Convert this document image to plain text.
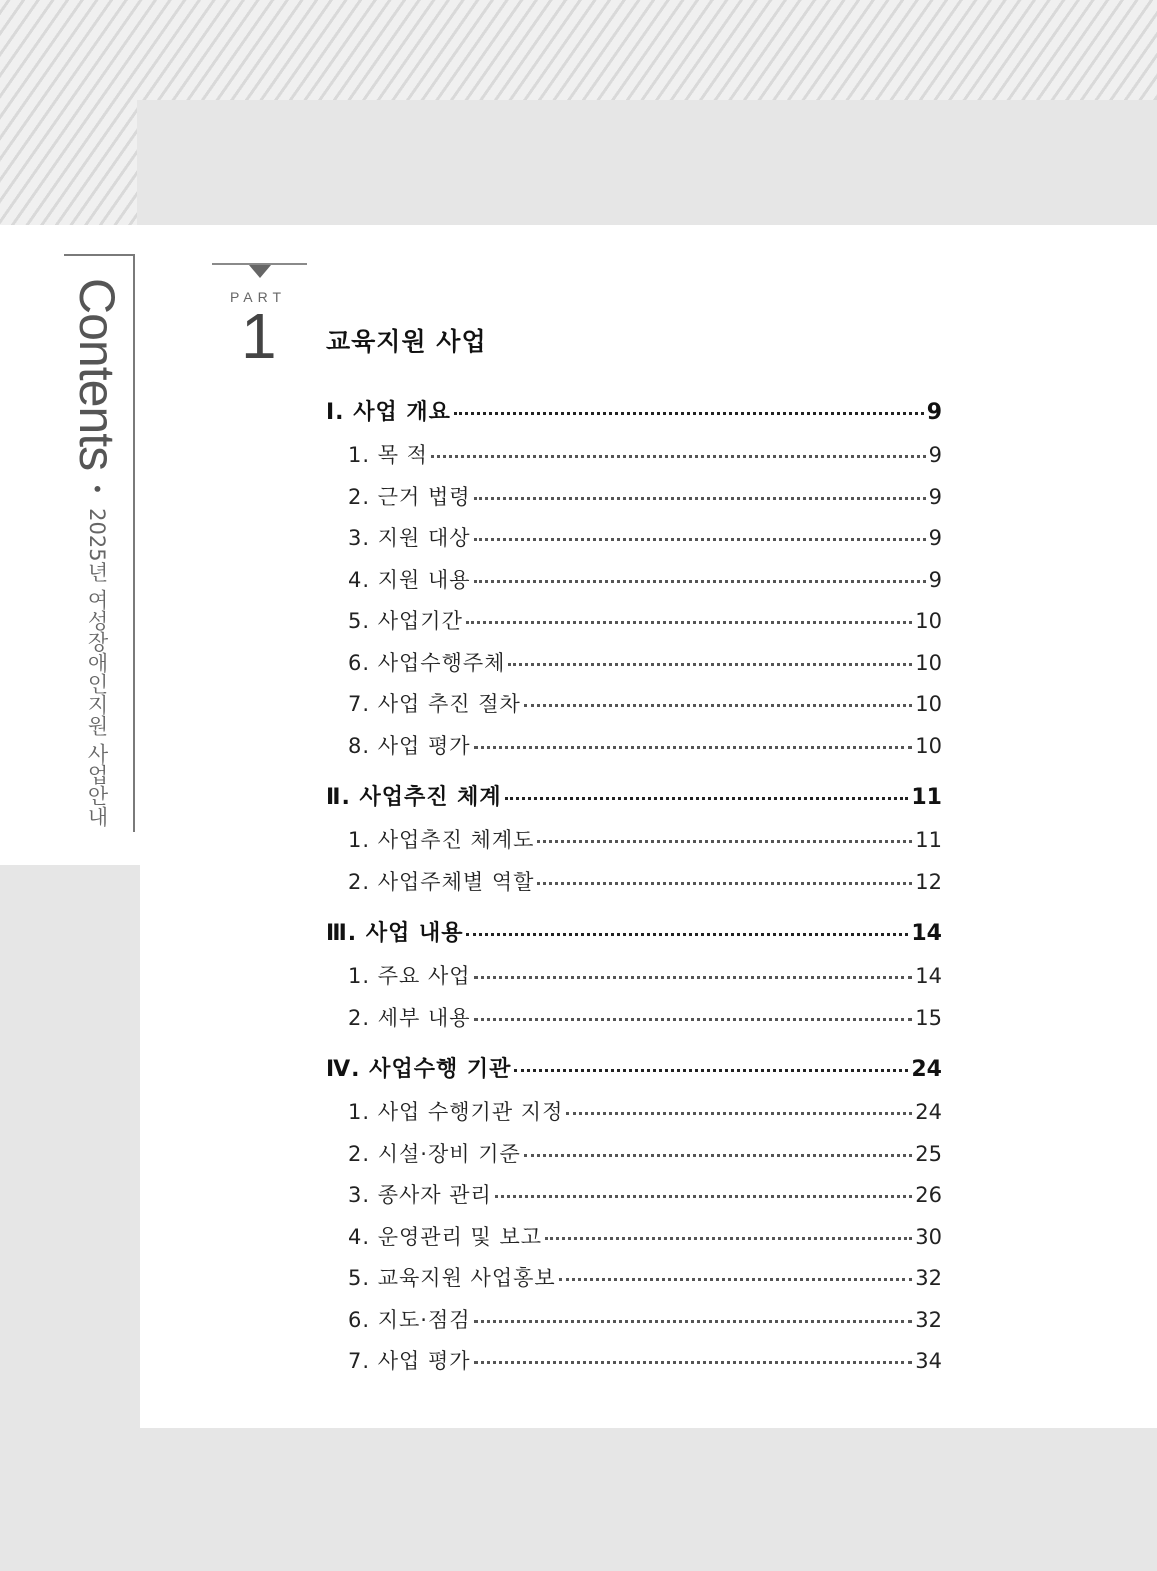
Contents • 2025년 여성장애인지원 사업안내
PART
1 교육지원 사업
Ⅰ. 사업 개요	9
1. 목 적	9
2. 근거 법령	9
3. 지원 대상	9
4. 지원 내용	9
5. 사업기간	10
6. 사업수행주체	10
7. 사업 추진 절차	10
8. 사업 평가	10
Ⅱ. 사업추진 체계	11
1. 사업추진 체계도	11
2. 사업주체별 역할	12
Ⅲ. 사업 내용	14
1. 주요 사업	14
2. 세부 내용	15
Ⅳ. 사업수행 기관	24
1. 사업 수행기관 지정	24
2. 시설·장비 기준	25
3. 종사자 관리	26
4. 운영관리 및 보고	30
5. 교육지원 사업홍보	32
6. 지도·점검	32
7. 사업 평가	34
